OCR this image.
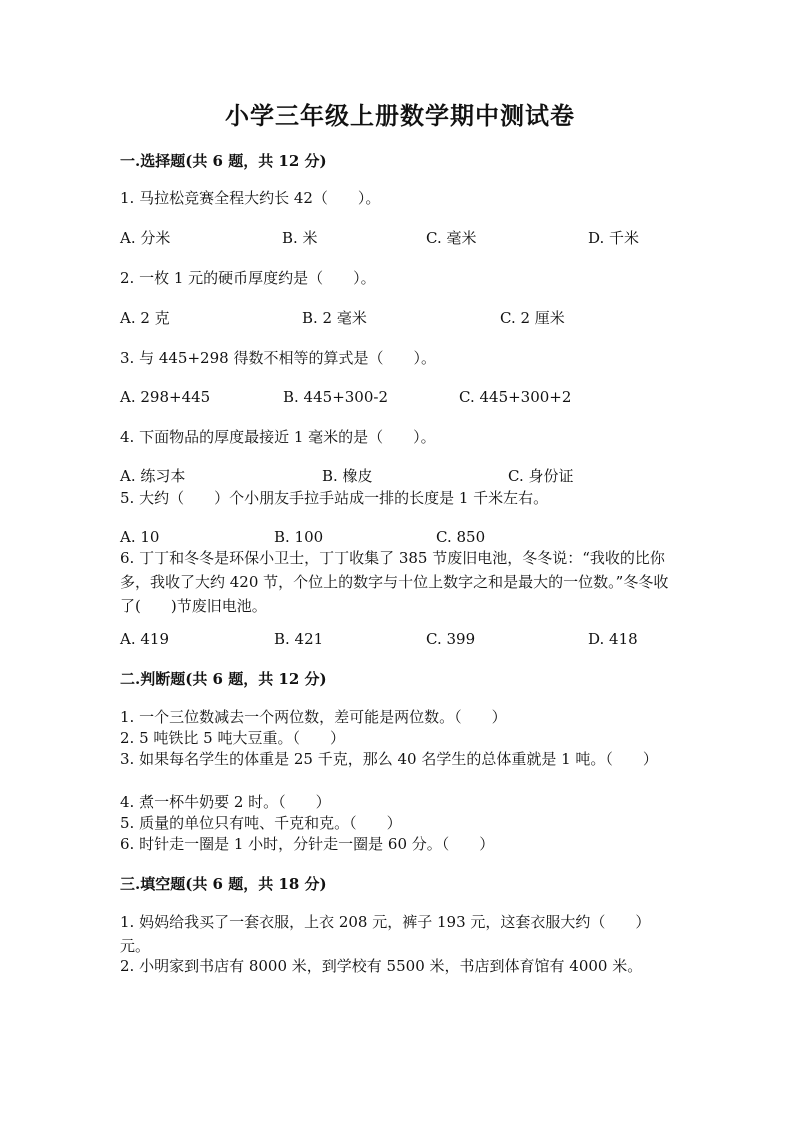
小学三年级上册数学期中测试卷
一.选择题(共 6 题，共 12 分)
1. 马拉松竞赛全程大约长 42（　　）。
A. 分米	B. 米	C. 毫米	D. 千米
2. 一枚 1 元的硬币厚度约是（　　）。
A. 2 克	B. 2 毫米	C. 2 厘米
3. 与 445+298 得数不相等的算式是（　　）。
A. 298+445	B. 445+300-2	C. 445+300+2
4. 下面物品的厚度最接近 1 毫米的是（　　）。
A. 练习本	B. 橡皮	C. 身份证
5. 大约（　　）个小朋友手拉手站成一排的长度是 1 千米左右。
A. 10	B. 100	C. 850
6. 丁丁和冬冬是环保小卫士，丁丁收集了 385 节废旧电池，冬冬说：“我收的比你多，我收了大约 420 节，个位上的数字与十位上数字之和是最大的一位数。”冬冬收了(　　)节废旧电池。
A. 419	B. 421	C. 399	D. 418
二.判断题(共 6 题，共 12 分)
1. 一个三位数减去一个两位数，差可能是两位数。（　　）
2. 5 吨铁比 5 吨大豆重。（　　）
3. 如果每名学生的体重是 25 千克，那么 40 名学生的总体重就是 1 吨。（　　）
4. 煮一杯牛奶要 2 时。（　　）
5. 质量的单位只有吨、千克和克。（　　）
6. 时针走一圈是 1 小时，分针走一圈是 60 分。（　　）
三.填空题(共 6 题，共 18 分)
1. 妈妈给我买了一套衣服，上衣 208 元，裤子 193 元，这套衣服大约（　　）元。
2. 小明家到书店有 8000 米，到学校有 5500 米，书店到体育馆有 4000 米。
